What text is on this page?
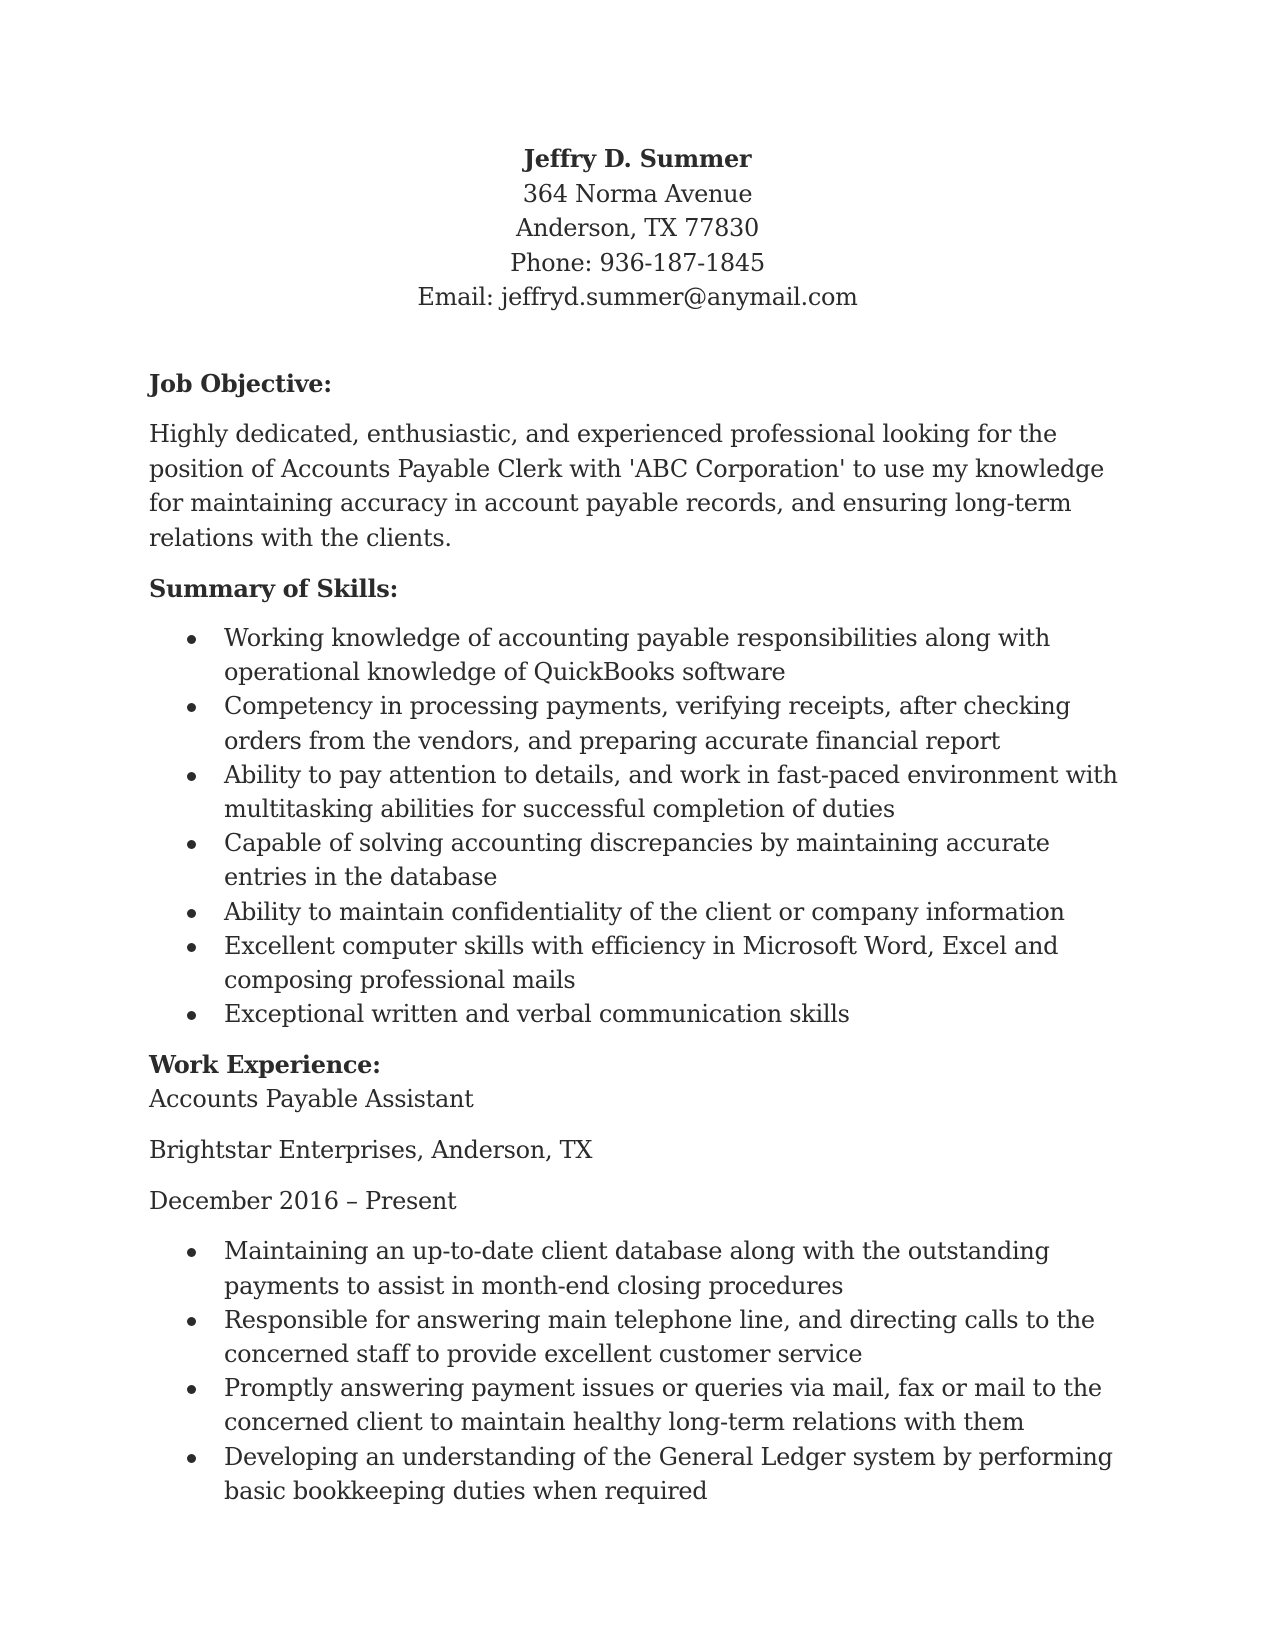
Jeffry D. Summer
364 Norma Avenue
Anderson, TX 77830
Phone: 936-187-1845
Email: jeffryd.summer@anymail.com
Job Objective:

Highly dedicated, enthusiastic, and experienced professional looking for the position of Accounts Payable Clerk with 'ABC Corporation' to use my knowledge for maintaining accuracy in account payable records, and ensuring long-term relations with the clients.

Summary of Skills:
Working knowledge of accounting payable responsibilities along with operational knowledge of QuickBooks software
Competency in processing payments, verifying receipts, after checking orders from the vendors, and preparing accurate financial report
Ability to pay attention to details, and work in fast-paced environment with multitasking abilities for successful completion of duties
Capable of solving accounting discrepancies by maintaining accurate entries in the database
Ability to maintain confidentiality of the client or company information
Excellent computer skills with efficiency in Microsoft Word, Excel and composing professional mails
Exceptional written and verbal communication skills
Work Experience:

Accounts Payable Assistant

Brightstar Enterprises, Anderson, TX

December 2016 – Present

Maintaining an up-to-date client database along with the outstanding payments to assist in month-end closing procedures
Responsible for answering main telephone line, and directing calls to the concerned staff to provide excellent customer service
Promptly answering payment issues or queries via mail, fax or mail to the concerned client to maintain healthy long-term relations with them
Developing an understanding of the General Ledger system by performing basic bookkeeping duties when required
